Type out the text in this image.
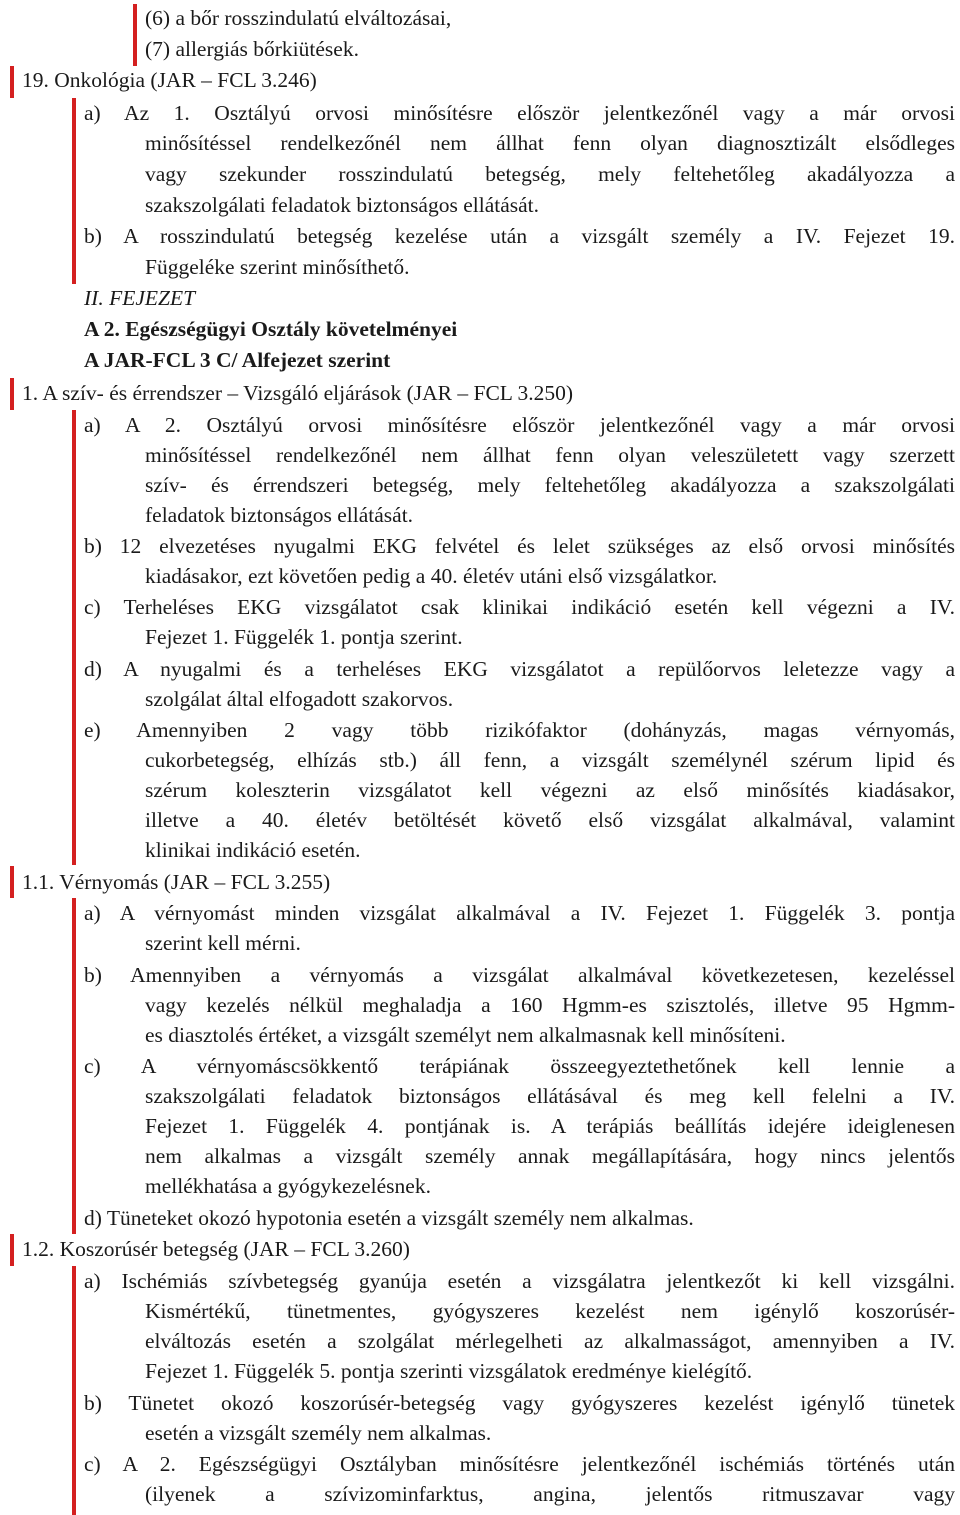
(6) a bőr rosszindulatú elváltozásai,
(7) allergiás bőrkiütések.
19. Onkológia (JAR – FCL 3.246)
a) Az 1. Osztályú orvosi minősítésre először jelentkezőnél vagy a már orvosi
minősítéssel rendelkezőnél nem állhat fenn olyan diagnosztizált elsődleges
vagy szekunder rosszindulatú betegség, mely feltehetőleg akadályozza a
szakszolgálati feladatok biztonságos ellátását.
b) A rosszindulatú betegség kezelése után a vizsgált személy a IV. Fejezet 19.
Függeléke szerint minősíthető.
II. FEJEZET
A 2. Egészségügyi Osztály követelményei
A JAR-FCL 3 C/ Alfejezet szerint
1. A szív- és érrendszer – Vizsgáló eljárások (JAR – FCL 3.250)
a) A 2. Osztályú orvosi minősítésre először jelentkezőnél vagy a már orvosi
minősítéssel rendelkezőnél nem állhat fenn olyan veleszületett vagy szerzett
szív- és érrendszeri betegség, mely feltehetőleg akadályozza a szakszolgálati
feladatok biztonságos ellátását.
b) 12 elvezetéses nyugalmi EKG felvétel és lelet szükséges az első orvosi minősítés
kiadásakor, ezt követően pedig a 40. életév utáni első vizsgálatkor.
c) Terheléses EKG vizsgálatot csak klinikai indikáció esetén kell végezni a IV.
Fejezet 1. Függelék 1. pontja szerint.
d) A nyugalmi és a terheléses EKG vizsgálatot a repülőorvos leletezze vagy a
szolgálat által elfogadott szakorvos.
e) Amennyiben 2 vagy több rizikófaktor (dohányzás, magas vérnyomás,
cukorbetegség, elhízás stb.) áll fenn, a vizsgált személynél szérum lipid és
szérum koleszterin vizsgálatot kell végezni az első minősítés kiadásakor,
illetve a 40. életév betöltését követő első vizsgálat alkalmával, valamint
klinikai indikáció esetén.
1.1. Vérnyomás (JAR – FCL 3.255)
a) A vérnyomást minden vizsgálat alkalmával a IV. Fejezet 1. Függelék 3. pontja
szerint kell mérni.
b) Amennyiben a vérnyomás a vizsgálat alkalmával következetesen, kezeléssel
vagy kezelés nélkül meghaladja a 160 Hgmm-es szisztolés, illetve 95 Hgmm-
es diasztolés értéket, a vizsgált személyt nem alkalmasnak kell minősíteni.
c) A vérnyomáscsökkentő terápiának összeegyeztethetőnek kell lennie a
szakszolgálati feladatok biztonságos ellátásával és meg kell felelni a IV.
Fejezet 1. Függelék 4. pontjának is. A terápiás beállítás idejére ideiglenesen
nem alkalmas a vizsgált személy annak megállapítására, hogy nincs jelentős
mellékhatása a gyógykezelésnek.
d) Tüneteket okozó hypotonia esetén a vizsgált személy nem alkalmas.
1.2. Koszorúsér betegség (JAR – FCL 3.260)
a) Ischémiás szívbetegség gyanúja esetén a vizsgálatra jelentkezőt ki kell vizsgálni.
Kismértékű, tünetmentes, gyógyszeres kezelést nem igénylő koszorúsér-
elváltozás esetén a szolgálat mérlegelheti az alkalmasságot, amennyiben a IV.
Fejezet 1. Függelék 5. pontja szerinti vizsgálatok eredménye kielégítő.
b) Tünetet okozó koszorúsér-betegség vagy gyógyszeres kezelést igénylő tünetek
esetén a vizsgált személy nem alkalmas.
c) A 2. Egészségügyi Osztályban minősítésre jelentkezőnél ischémiás történés után
(ilyenek a szívizominfarktus, angina, jelentős ritmuszavar vagy
